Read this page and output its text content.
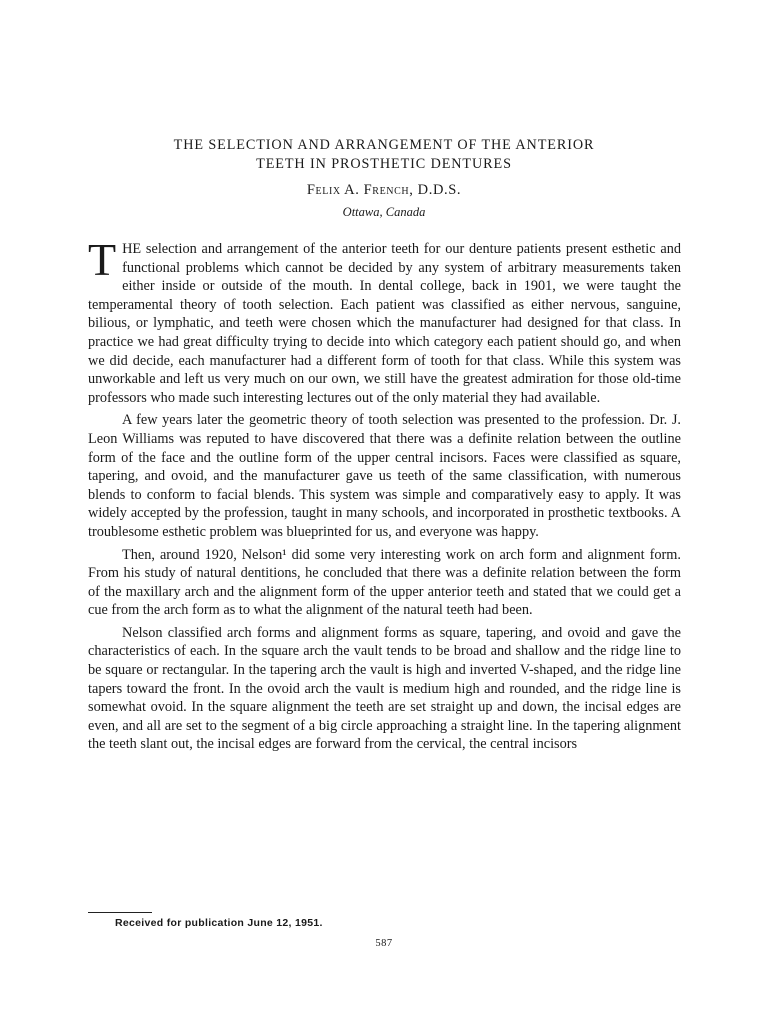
THE SELECTION AND ARRANGEMENT OF THE ANTERIOR
TEETH IN PROSTHETIC DENTURES
Felix A. French, D.D.S.
Ottawa, Canada

THE selection and arrangement of the anterior teeth for our denture patients present esthetic and functional problems which cannot be decided by any system of arbitrary measurements taken either inside or outside of the mouth. In dental college, back in 1901, we were taught the temperamental theory of tooth selection. Each patient was classified as either nervous, sanguine, bilious, or lymphatic, and teeth were chosen which the manufacturer had designed for that class. In practice we had great difficulty trying to decide into which category each patient should go, and when we did decide, each manufacturer had a different form of tooth for that class. While this system was unworkable and left us very much on our own, we still have the greatest admiration for those old-time professors who made such interesting lectures out of the only material they had available.

A few years later the geometric theory of tooth selection was presented to the profession. Dr. J. Leon Williams was reputed to have discovered that there was a definite relation between the outline form of the face and the outline form of the upper central incisors. Faces were classified as square, tapering, and ovoid, and the manufacturer gave us teeth of the same classification, with numerous blends to conform to facial blends. This system was simple and comparatively easy to apply. It was widely accepted by the profession, taught in many schools, and incorporated in prosthetic textbooks. A troublesome esthetic problem was blueprinted for us, and everyone was happy.

Then, around 1920, Nelson¹ did some very interesting work on arch form and alignment form. From his study of natural dentitions, he concluded that there was a definite relation between the form of the maxillary arch and the alignment form of the upper anterior teeth and stated that we could get a cue from the arch form as to what the alignment of the natural teeth had been.

Nelson classified arch forms and alignment forms as square, tapering, and ovoid and gave the characteristics of each. In the square arch the vault tends to be broad and shallow and the ridge line to be square or rectangular. In the tapering arch the vault is high and inverted V-shaped, and the ridge line tapers toward the front. In the ovoid arch the vault is medium high and rounded, and the ridge line is somewhat ovoid. In the square alignment the teeth are set straight up and down, the incisal edges are even, and all are set to the segment of a big circle approaching a straight line. In the tapering alignment the teeth slant out, the incisal edges are forward from the cervical, the central incisors

Received for publication June 12, 1951.
587
